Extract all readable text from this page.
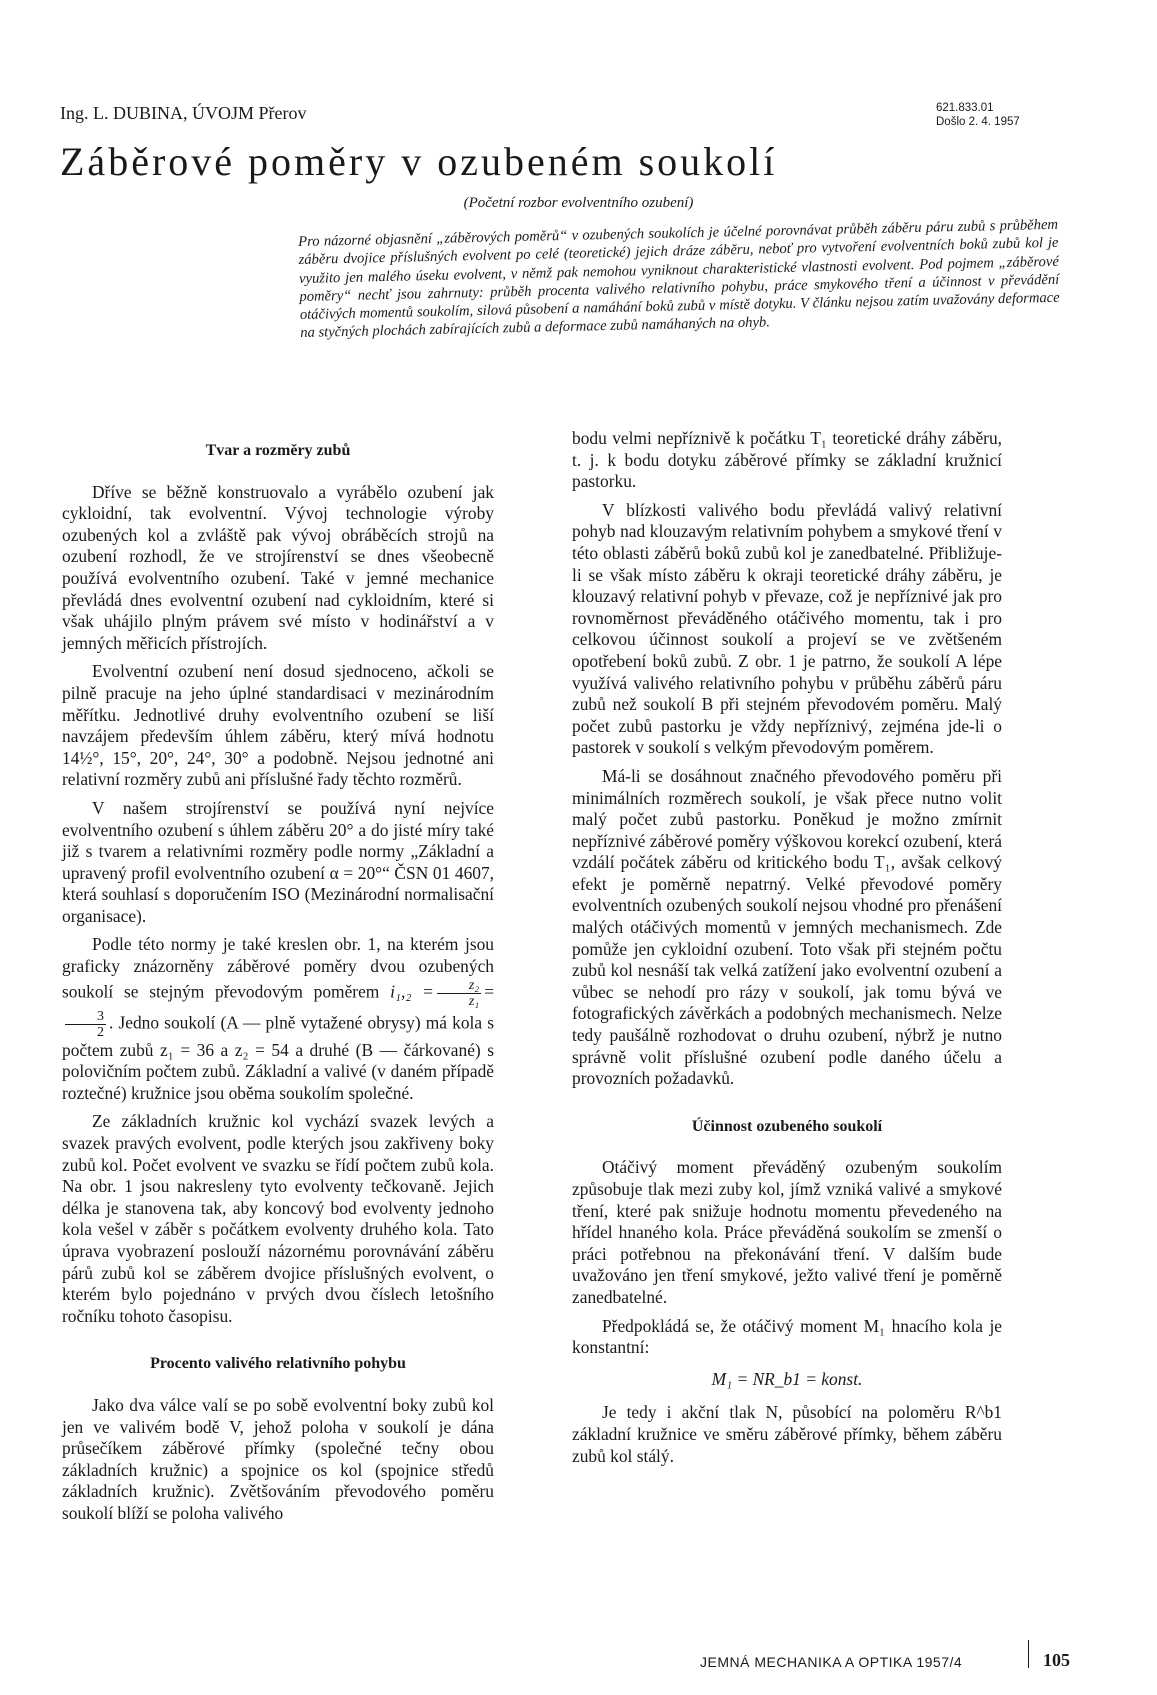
Ing. L. DUBINA, ÚVOJM Přerov	621.833.01
Došlo 2. 4. 1957
Záběrové poměry v ozubeném soukolí
(Početní rozbor evolventního ozubení)
Pro názorné objasnění „záběrových poměrů“ v ozubených soukolích je účelné porovnávat průběh záběru páru zubů s průběhem záběru dvojice příslušných evolvent po celé (teoretické) jejich dráze záběru, neboť pro vytvoření evolventních boků zubů kol je využito jen malého úseku evolvent, v němž pak nemohou vyniknout charakteristické vlastnosti evolvent. Pod pojmem „záběrové poměry“ nechť jsou zahrnuty: průběh procenta valivého relativního pohybu, práce smykového tření a účinnost v převádění otáčivých momentů soukolím, silová působení a namáhání boků zubů v místě dotyku. V článku nejsou zatím uvažovány deformace na styčných plochách zabírajících zubů a deformace zubů namáhaných na ohyb.
Tvar a rozměry zubů

Dříve se běžně konstruovalo a vyrábělo ozubení jak cykloidní, tak evolventní. Vývoj technologie výroby ozubených kol a zvláště pak vývoj obráběcích strojů na ozubení rozhodl, že ve strojírenství se dnes všeobecně používá evolventního ozubení. Také v jemné mechanice převládá dnes evolventní ozubení nad cykloidním, které si však uhájilo plným právem své místo v hodinářství a v jemných měřicích přístrojích.

Evolventní ozubení není dosud sjednoceno, ačkoli se pilně pracuje na jeho úplné standardisaci v mezinárodním měřítku. Jednotlivé druhy evolventního ozubení se liší navzájem především úhlem záběru, který mívá hodnotu 14½°, 15°, 20°, 24°, 30° a podobně. Nejsou jednotné ani relativní rozměry zubů ani příslušné řady těchto rozměrů.

V našem strojírenství se používá nyní nejvíce evolventního ozubení s úhlem záběru 20° a do jisté míry také již s tvarem a relativními rozměry podle normy „Základní a upravený profil evolventního ozubení α = 20°“ ČSN 01 4607, která souhlasí s doporučením ISO (Mezinárodní normalisační organisace).

Podle této normy je také kreslen obr. 1, na kterém jsou graficky znázorněny záběrové poměry dvou ozubených soukolí se stejným převodovým poměrem $i_1,_2 = \frac{\text{z₂}}{\text{z₁}}$ =
$\frac{3}{2}$ . Jedno soukolí (A — plně vytažené obrysy) má kola s počtem zubů z₁ = 36 a z₂ = 54 a druhé (B — čárkované) s polovičním počtem zubů. Základní a valivé (v daném případě roztečné) kružnice jsou oběma soukolím společné.

Ze základních kružnic kol vychází svazek levých a svazek pravých evolvent, podle kterých jsou zakřiveny boky zubů kol. Počet evolvent ve svazku se řídí počtem zubů kola. Na obr. 1 jsou nakresleny tyto evolventy tečkovaně. Jejich délka je stanovena tak, aby koncový bod evolventy jednoho kola vešel v záběr s počátkem evolventy druhého kola. Tato úprava vyobrazení poslouží názornému porovnávání záběru párů zubů kol se záběrem dvojice příslušných evolvent, o kterém bylo pojednáno v prvých dvou číslech letošního ročníku tohoto časopisu.

Procento valivého relativního pohybu

Jako dva válce valí se po sobě evolventní boky zubů kol jen ve valivém bodě V, jehož poloha v soukolí je dána průsečíkem záběrové přímky (společné tečny obou základních kružnic) a spojnice os kol (spojnice středů základních kružnic). Zvětšováním převodového poměru soukolí blíží se poloha valivého

bodu velmi nepříznivě k počátku T₁ teoretické dráhy záběru, t. j. k bodu dotyku záběrové přímky se základní kružnicí pastorku.

V blízkosti valivého bodu převládá valivý relativní pohyb nad klouzavým relativním pohybem a smykové tření v této oblasti záběrů boků zubů kol je zanedbatelné. Přibližuje-li se však místo záběru k okraji teoretické dráhy záběru, je klouzavý relativní pohyb v převaze, což je nepříznivé jak pro rovnoměrnost převáděného otáčivého momentu, tak i pro celkovou účinnost soukolí a projeví se ve zvětšeném opotřebení boků zubů. Z obr. 1 je patrno, že soukolí A lépe využívá valivého relativního pohybu v průběhu záběrů páru zubů než soukolí B při stejném převodovém poměru. Malý počet zubů pastorku je vždy nepříznivý, zejména jde-li o pastorek v soukolí s velkým převodovým poměrem.

Má-li se dosáhnout značného převodového poměru při minimálních rozměrech soukolí, je však přece nutno volit malý počet zubů pastorku. Poněkud je možno zmírnit nepříznivé záběrové poměry výškovou korekcí ozubení, která vzdálí počátek záběru od kritického bodu T₁, avšak celkový efekt je poměrně nepatrný. Velké převodové poměry evolventních ozubených soukolí nejsou vhodné pro přenášení malých otáčivých momentů v jemných mechanismech. Zde pomůže jen cykloidní ozubení. Toto však při stejném počtu zubů kol nesnáší tak velká zatížení jako evolventní ozubení a vůbec se nehodí pro rázy v soukolí, jak tomu bývá ve fotografických závěrkách a podobných mechanismech. Nelze tedy paušálně rozhodovat o druhu ozubení, nýbrž je nutno správně volit příslušné ozubení podle daného účelu a provozních požadavků.

Účinnost ozubeného soukolí

Otáčivý moment převáděný ozubeným soukolím způsobuje tlak mezi zuby kol, jímž vzniká valivé a smykové tření, které pak snižuje hodnotu momentu převedeného na hřídel hnaného kola. Práce převáděná soukolím se zmenší o práci potřebnou na překonávání tření. V dalším bude uvažováno jen tření smykové, ježto valivé tření je poměrně zanedbatelné.

Předpokládá se, že otáčivý moment M₁ hnacího kola je konstantní:

M₁ = NR_b1 = konst.

Je tedy i akční tlak N, působící na poloměru R^b1 základní kružnice ve směru záběrové přímky, během záběru zubů kol stálý.

JEMNÁ MECHANIKA A OPTIKA 1957/4	105
